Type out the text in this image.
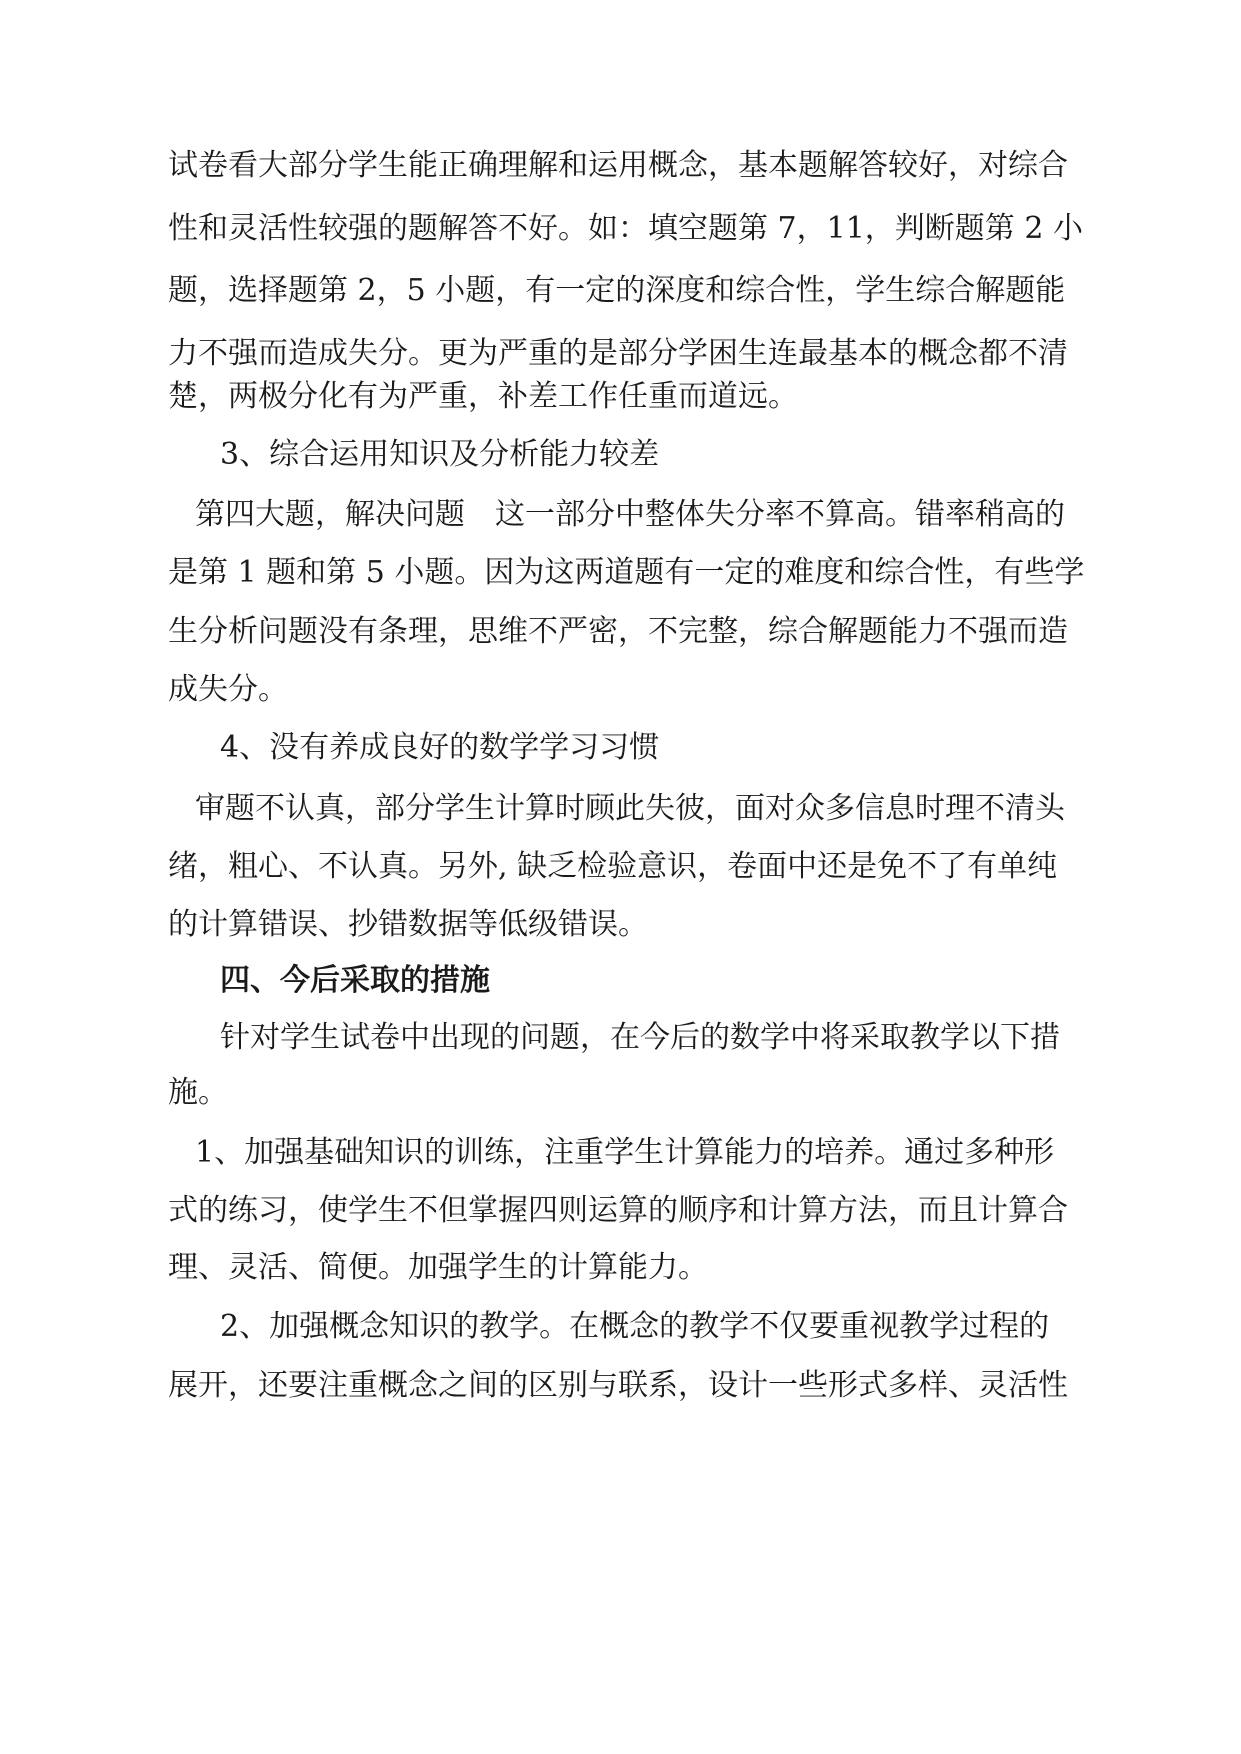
试卷看大部分学生能正确理解和运用概念，基本题解答较好，对综合
性和灵活性较强的题解答不好。如：填空题第 7，11，判断题第 2 小
题，选择题第 2，5 小题，有一定的深度和综合性，学生综合解题能
力不强而造成失分。更为严重的是部分学困生连最基本的概念都不清
楚，两极分化有为严重，补差工作任重而道远。
3、综合运用知识及分析能力较差
第四大题，解决问题　这一部分中整体失分率不算高。错率稍高的
是第 1 题和第 5 小题。因为这两道题有一定的难度和综合性，有些学
生分析问题没有条理，思维不严密，不完整，综合解题能力不强而造
成失分。
4、没有养成良好的数学学习习惯
审题不认真，部分学生计算时顾此失彼，面对众多信息时理不清头
绪，粗心、不认真。另外, 缺乏检验意识，卷面中还是免不了有单纯
的计算错误、抄错数据等低级错误。
四、今后采取的措施
针对学生试卷中出现的问题，在今后的数学中将采取教学以下措
施。
1、加强基础知识的训练，注重学生计算能力的培养。通过多种形
式的练习，使学生不但掌握四则运算的顺序和计算方法，而且计算合
理、灵活、简便。加强学生的计算能力。
2、加强概念知识的教学。在概念的教学不仅要重视教学过程的
展开，还要注重概念之间的区别与联系，设计一些形式多样、灵活性
